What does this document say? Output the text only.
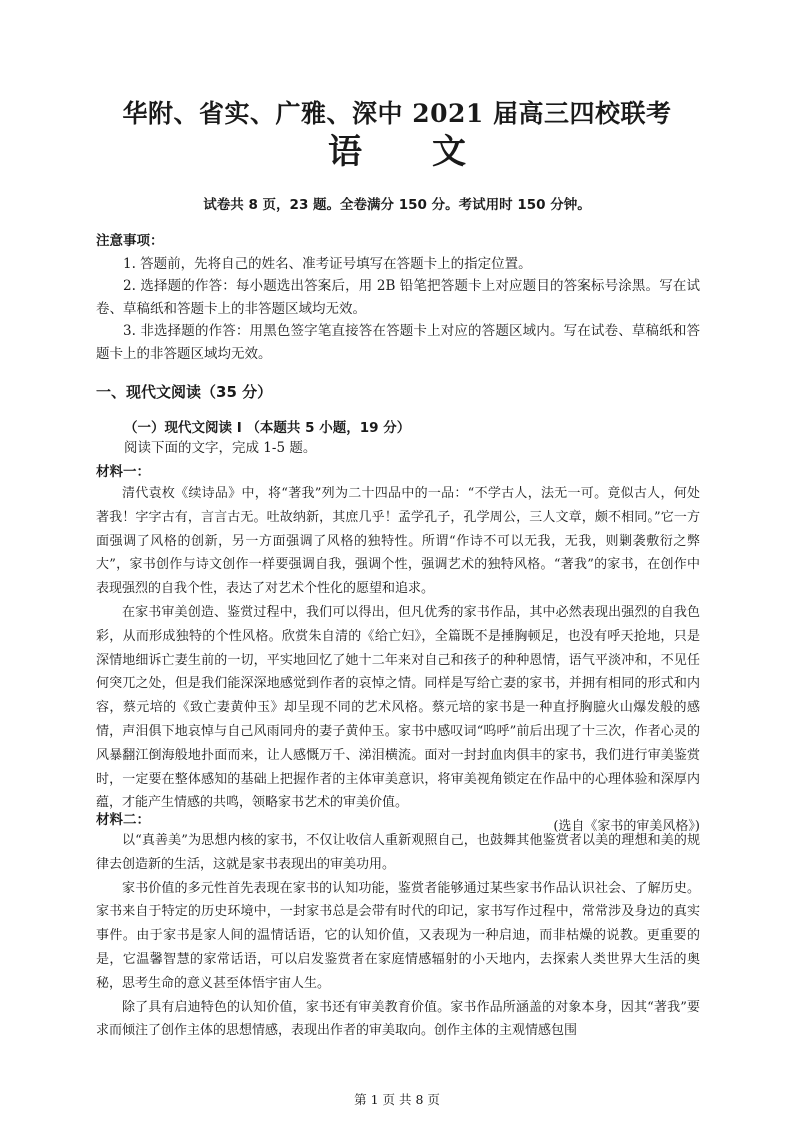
华附、省实、广雅、深中 2021 届高三四校联考
语文
试卷共 8 页，23 题。全卷满分 150 分。考试用时 150 分钟。

注意事项：

1. 答题前，先将自己的姓名、准考证号填写在答题卡上的指定位置。

2. 选择题的作答：每小题选出答案后，用 2B 铅笔把答题卡上对应题目的答案标号涂黑。写在试卷、草稿纸和答题卡上的非答题区域均无效。

3. 非选择题的作答：用黑色签字笔直接答在答题卡上对应的答题区域内。写在试卷、草稿纸和答题卡上的非答题区域均无效。

一、现代文阅读（35 分）
（一）现代文阅读 I （本题共 5 小题，19 分）

阅读下面的文字，完成 1-5 题。

材料一：

清代袁枚《续诗品》中，将“著我”列为二十四品中的一品：“不学古人，法无一可。竟似古人，何处著我！字字古有，言言古无。吐故纳新，其庶几乎！孟学孔子，孔学周公，三人文章，颇不相同。”它一方面强调了风格的创新，另一方面强调了风格的独特性。所谓“作诗不可以无我，无我，则剿袭敷衍之弊大”，家书创作与诗文创作一样要强调自我，强调个性，强调艺术的独特风格。“著我”的家书，在创作中表现强烈的自我个性，表达了对艺术个性化的愿望和追求。

在家书审美创造、鉴赏过程中，我们可以得出，但凡优秀的家书作品，其中必然表现出强烈的自我色彩，从而形成独特的个性风格。欣赏朱自清的《给亡妇》，全篇既不是捶胸顿足，也没有呼天抢地，只是深情地细诉亡妻生前的一切，平实地回忆了她十二年来对自己和孩子的种种恩情，语气平淡冲和，不见任何突兀之处，但是我们能深深地感觉到作者的哀悼之情。同样是写给亡妻的家书，并拥有相同的形式和内容，蔡元培的《致亡妻黄仲玉》却呈现不同的艺术风格。蔡元培的家书是一种直抒胸臆火山爆发般的感情，声泪俱下地哀悼与自己风雨同舟的妻子黄仲玉。家书中感叹词“呜呼”前后出现了十三次，作者心灵的风暴翻江倒海般地扑面而来，让人感慨万千、涕泪横流。面对一封封血肉俱丰的家书，我们进行审美鉴赏时，一定要在整体感知的基础上把握作者的主体审美意识，将审美视角锁定在作品中的心理体验和深厚内蕴，才能产生情感的共鸣，领略家书艺术的审美价值。
(选自《家书的审美风格》)

材料二：

以“真善美”为思想内核的家书，不仅让收信人重新观照自己，也鼓舞其他鉴赏者以美的理想和美的规律去创造新的生活，这就是家书表现出的审美功用。

家书价值的多元性首先表现在家书的认知功能，鉴赏者能够通过某些家书作品认识社会、了解历史。家书来自于特定的历史环境中，一封家书总是会带有时代的印记，家书写作过程中，常常涉及身边的真实事件。由于家书是家人间的温情话语，它的认知价值，又表现为一种启迪，而非枯燥的说教。更重要的是，它温馨智慧的家常话语，可以启发鉴赏者在家庭情感辐射的小天地内，去探索人类世界大生活的奥秘，思考生命的意义甚至体悟宇宙人生。

除了具有启迪特色的认知价值，家书还有审美教育价值。家书作品所涵盖的对象本身，因其“著我”要求而倾注了创作主体的思想情感，表现出作者的审美取向。创作主体的主观情感包围

第 1 页 共 8 页
